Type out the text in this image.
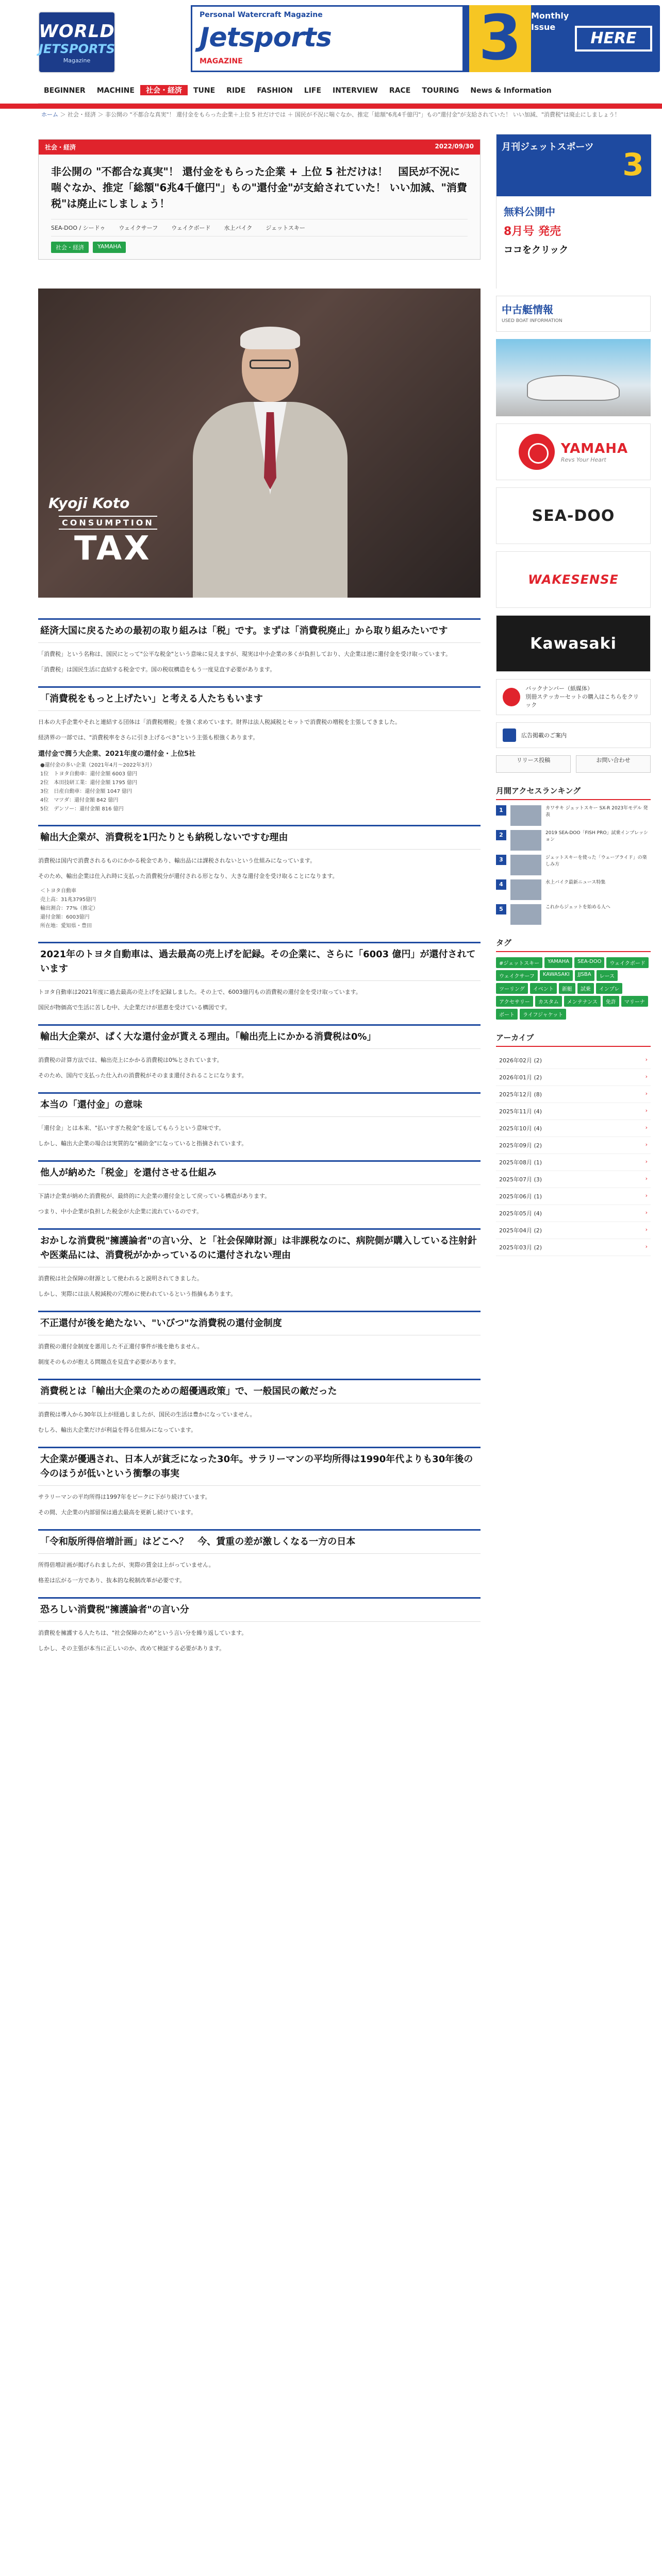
WORLD
JETSPORTS
Magazine
Personal Watercraft Magazine
Jetsports
MAGAZINE	3	Monthly Issue
HERE
BEGINNER MACHINE 社会・経済 TUNE RIDE FASHION LIFE INTERVIEW RACE TOURING News & Information
ホーム ＞ 社会・経済 ＞ 非公開の "不都合な真実"！ 還付金をもらった企業＋上位 5 社だけでは ＋ 国民が不況に喘ぐなか、推定「総額"6兆4千億円"」もの"還付金"が支給されていた！ いい加減、"消費税"は廃止にしましょう！
社会・経済	2022/09/30
非公開の "不都合な真実"！ 還付金をもらった企業 + 上位 5 社だけは！　国民が不況に喘ぐなか、推定「総額"6兆4千億円"」もの"還付金"が支給されていた！ いい加減、"消費税"は廃止にしましょう！
SEA-DOO / シードゥ ウェイクサーフ ウェイクボード 水上バイク ジェットスキー
社会・経済	YAMAHA
Kyoji Koto
CONSUMPTION
TAX
経済大国に戻るための最初の取り組みは「税」です。まずは「消費税廃止」から取り組みたいです

「消費税」という名称は、国民にとって"公平な税金"という意味に見えますが、現実は中小企業の多くが負担しており、大企業は逆に還付金を受け取っています。

「消費税」は国民生活に直結する税金です。国の税収構造をもう一度見直す必要があります。

「消費税をもっと上げたい」と考える人たちもいます

日本の大手企業やそれと連結する団体は「消費税増税」を強く求めています。財界は法人税減税とセットで消費税の増税を主張してきました。

経済界の一部では、"消費税率をさらに引き上げるべき"という主張も根強くあります。

還付金で潤う大企業、2021年度の還付金・上位5社
●還付金の多い企業（2021年4月〜2022年3月）
1位　トヨタ自動車：還付金額 6003 億円
2位　本田技研工業：還付金額 1795 億円
3位　日産自動車：還付金額 1047 億円
4位　マツダ：還付金額 842 億円
5位　デンソー：還付金額 816 億円
輸出大企業が、消費税を1円たりとも納税しないですむ理由

消費税は国内で消費されるものにかかる税金であり、輸出品には課税されないという仕組みになっています。

そのため、輸出企業は仕入れ時に支払った消費税分が還付される形となり、大きな還付金を受け取ることになります。

＜トヨタ自動車
売上高：31兆3795億円
輸出割合：77%（推定）
還付金額：6003億円
所在地：愛知県・豊田
2021年のトヨタ自動車は、過去最高の売上げを記録。その企業に、さらに「6003 億円」が還付されています

トヨタ自動車は2021年度に過去最高の売上げを記録しました。その上で、6003億円もの消費税の還付金を受け取っています。

国民が物価高で生活に苦しむ中、大企業だけが恩恵を受けている構図です。

輸出大企業が、ぱく大な還付金が貰える理由。「輸出売上にかかる消費税は0%」

消費税の計算方法では、輸出売上にかかる消費税は0%とされています。

そのため、国内で支払った仕入れの消費税がそのまま還付されることになります。

本当の「還付金」の意味

「還付金」とは本来、"払いすぎた税金"を返してもらうという意味です。

しかし、輸出大企業の場合は実質的な"補助金"になっていると指摘されています。

他人が納めた「税金」を還付させる仕組み

下請け企業が納めた消費税が、最終的に大企業の還付金として戻っている構造があります。

つまり、中小企業が負担した税金が大企業に流れているのです。

おかしな消費税"擁護論者"の言い分、と「社会保障財源」は非課税なのに、病院側が購入している注射針や医薬品には、消費税がかかっているのに還付されない理由

消費税は社会保障の財源として使われると説明されてきました。

しかし、実際には法人税減税の穴埋めに使われているという指摘もあります。

不正還付が後を絶たない、"いびつ"な消費税の還付金制度

消費税の還付金制度を悪用した不正還付事件が後を絶ちません。

制度そのものが抱える問題点を見直す必要があります。

消費税とは「輸出大企業のための超優遇政策」で、一般国民の敵だった

消費税は導入から30年以上が経過しましたが、国民の生活は豊かになっていません。

むしろ、輸出大企業だけが利益を得る仕組みになっています。

大企業が優遇され、日本人が貧乏になった30年。サラリーマンの平均所得は1990年代よりも30年後の今のほうが低いという衝撃の事実

サラリーマンの平均所得は1997年をピークに下がり続けています。

その間、大企業の内部留保は過去最高を更新し続けています。

「令和版所得倍増計画」はどこへ？　今、賃重の差が激しくなる一方の日本

所得倍増計画が掲げられましたが、実際の賃金は上がっていません。

格差は広がる一方であり、抜本的な税制改革が必要です。

恐ろしい消費税"擁護論者"の言い分

消費税を擁護する人たちは、"社会保障のため"という言い分を繰り返しています。

しかし、その主張が本当に正しいのか、改めて検証する必要があります。

月刊ジェットスポーツ 3
無料公開中
8月号 発売
ココをクリック
中古艇情報
USED BOAT INFORMATION
YAMAHA
Revs Your Heart
SEA-DOO
WAKESENSE
Kawasaki
バックナンバー（紙媒体）
別冊ステッカーセットの購入はこちらをクリック
広告掲載のご案内
リリース投稿	お問い合わせ
月間アクセスランキング
1	カワサキ ジェットスキー SX-R 2023年モデル 発表
2	2019 SEA-DOO「FISH PRO」試乗インプレッション
3	ジェットスキーを使った「ウェーブライド」の楽しみ方
4	水上バイク最新ニュース特集
5	これからジェットを始める人へ
タグ
#ジェットスキー	YAMAHA	SEA-DOO	ウェイクボード
ウェイクサーフ	KAWASAKI	JJSBA	レース
ツーリング	イベント	新艇	試乗	インプレ
アクセサリー	カスタム	メンテナンス	免許	マリーナ
ボート	ライフジャケット
アーカイブ
2026年02月 (2)	›
2026年01月 (2)	›
2025年12月 (8)	›
2025年11月 (4)	›
2025年10月 (4)	›
2025年09月 (2)	›
2025年08月 (1)	›
2025年07月 (3)	›
2025年06月 (1)	›
2025年05月 (4)	›
2025年04月 (2)	›
2025年03月 (2)	›
